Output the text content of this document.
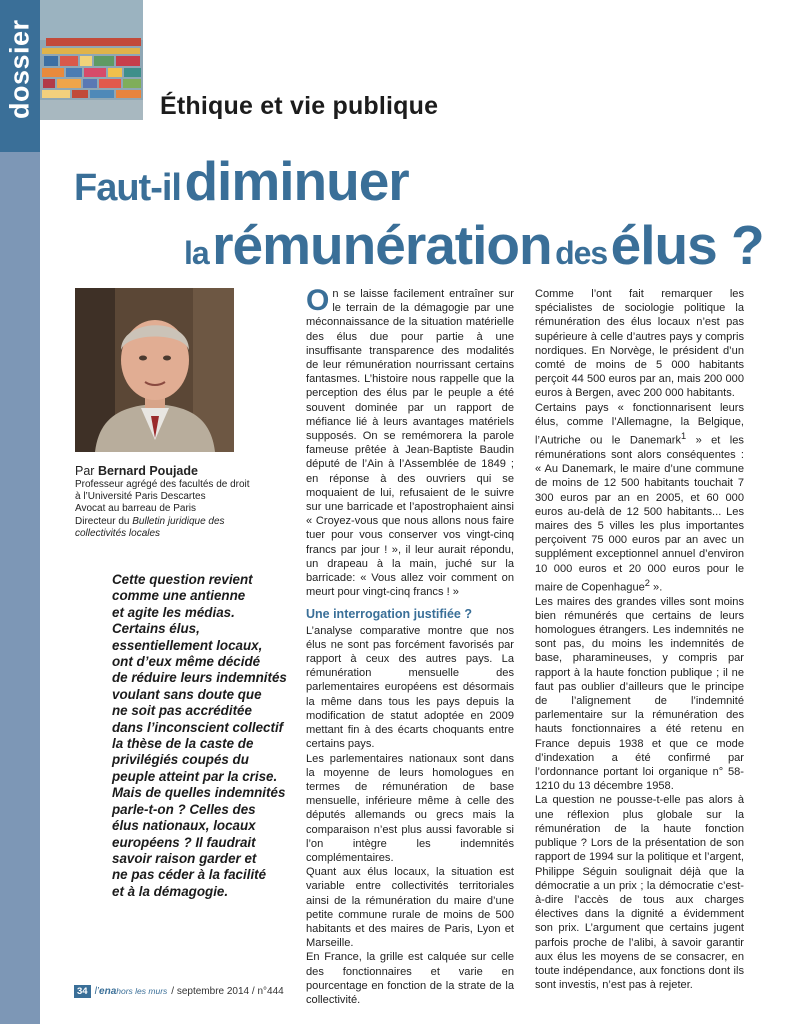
dossier	Éthique et vie publique
Faut-il diminuer
la rémunération des élus ?
Par Bernard Poujade
Professeur agrégé des facultés de droit
à l’Université Paris Descartes
Avocat au barreau de Paris
Directeur du Bulletin juridique des
collectivités locales
Cette question revient
comme une antienne
et agite les médias.
Certains élus,
essentiellement locaux,
ont d’eux même décidé
de réduire leurs indemnités
voulant sans doute que
ne soit pas accréditée
dans l’inconscient collectif
la thèse de la caste de
privilégiés coupés du
peuple atteint par la crise.
Mais de quelles indemnités
parle-t-on ? Celles des
élus nationaux, locaux
européens ? Il faudrait
savoir raison garder et
ne pas céder à la facilité
et à la démagogie.

On se laisse facilement entraîner sur le terrain de la démagogie par une méconnaissance de la situation matérielle des élus due pour partie à une insuffisante transparence des modalités de leur rémunération nourrissant certains fantasmes. L’histoire nous rappelle que la perception des élus par le peuple a été souvent dominée par un rapport de méfiance lié à leurs avantages matériels supposés. On se remémorera la parole fameuse prêtée à Jean-Baptiste Baudin député de l’Ain à l’Assemblée de 1849 ; en réponse à des ouvriers qui se moquaient de lui, refusaient de le suivre sur une barricade et l’apostrophaient ainsi « Croyez-vous que nous allons nous faire tuer pour vous conserver vos vingt-cinq francs par jour ! », il leur aurait répondu, un drapeau à la main, juché sur la barricade: « Vous allez voir comment on meurt pour vingt-cinq francs ! »

Une interrogation justifiée ?

L’analyse comparative montre que nos élus ne sont pas forcément favorisés par rapport à ceux des autres pays. La rémunération mensuelle des parlementaires européens est désormais la même dans tous les pays depuis la modification de statut adoptée en 2009 mettant fin à des écarts choquants entre certains pays.

Les parlementaires nationaux sont dans la moyenne de leurs homologues en termes de rémunération de base mensuelle, inférieure même à celle des députés allemands ou grecs mais la comparaison n’est plus aussi favorable si l’on intègre les indemnités complémentaires.

Quant aux élus locaux, la situation est variable entre collectivités territoriales ainsi de la rémunération du maire d’une petite commune rurale de moins de 500 habitants et des maires de Paris, Lyon et Marseille.

En France, la grille est calquée sur celle des fonctionnaires et varie en pourcentage en fonction de la strate de la collectivité.

Comme l’ont fait remarquer les spécialistes de sociologie politique la rémunération des élus locaux n’est pas supérieure à celle d’autres pays y compris nordiques. En Norvège, le président d’un comté de moins de 5 000 habitants perçoit 44 500 euros par an, mais 200 000 euros à Bergen, avec 200 000 habitants.

Certains pays « fonctionnarisent leurs élus, comme l’Allemagne, la Belgique, l’Autriche ou le Danemark$^1$ » et les rémunérations sont alors conséquentes : « Au Danemark, le maire d’une commune de moins de 12 500 habitants touchait 7 300 euros par an en 2005, et 60 000 euros au-delà de 12 500 habitants... Les maires des 5 villes les plus importantes perçoivent 75 000 euros par an avec un supplément exceptionnel annuel d’environ 10 000 euros et 20 000 euros pour le maire de Copenhague$^2$ ».

Les maires des grandes villes sont moins bien rémunérés que certains de leurs homologues étrangers. Les indemnités ne sont pas, du moins les indemnités de base, pharamineuses, y compris par rapport à la haute fonction publique ; il ne faut pas oublier d’ailleurs que le principe de l’alignement de l’indemnité parlementaire sur la rémunération des hauts fonctionnaires a été retenu en France depuis 1938 et que ce mode d’indexation a été confirmé par l’ordonnance portant loi organique n° 58-1210 du 13 décembre 1958.

La question ne pousse-t-elle pas alors à une réflexion plus globale sur la rémunération de la haute fonction publique ? Lors de la présentation de son rapport de 1994 sur la politique et l’argent, Philippe Séguin soulignait déjà que la démocratie a un prix ; la démocratie c’est-à-dire l’accès de tous aux charges électives dans la dignité a évidemment son prix. L’argument que certains jugent parfois proche de l’alibi, à savoir garantir aux élus les moyens de se consacrer, en toute indépendance, aux fonctions dont ils sont investis, n’est pas à rejeter.

34 l’enahors les murs / septembre 2014 / n°444
